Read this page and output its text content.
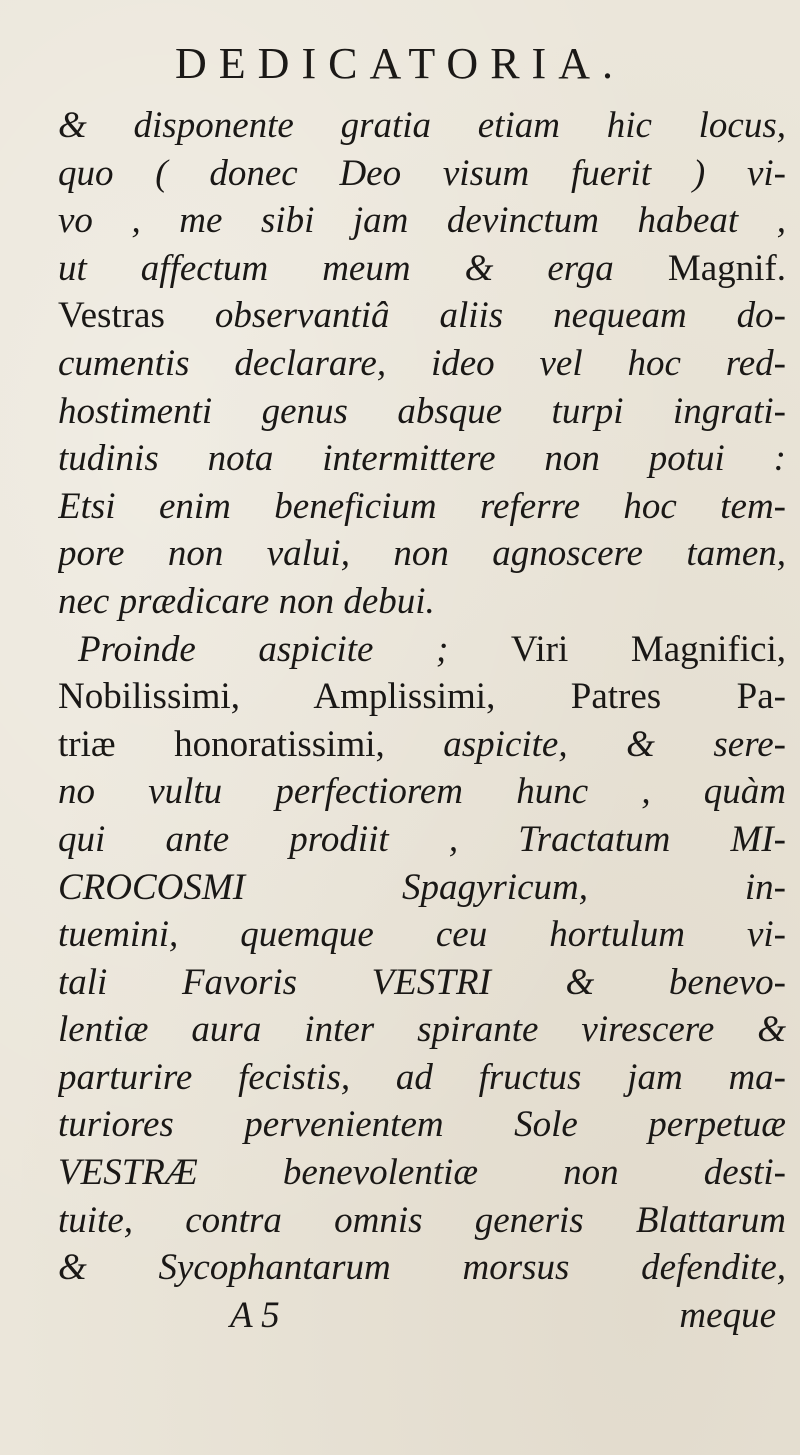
DEDICATORIA.
& disponente gratia etiam hic locus,
quo ( donec Deo visum fuerit ) vi-
vo , me sibi jam devinctum habeat ,
ut affectum meum & erga Magnif.
Vestras observantiâ aliis nequeam do-
cumentis declarare, ideo vel hoc red-
hostimenti genus absque turpi ingrati-
tudinis nota intermittere non potui :
Etsi enim beneficium referre hoc tem-
pore non valui, non agnoscere tamen,
nec prædicare non debui.
Proinde aspicite ; Viri Magnifici,
Nobilissimi, Amplissimi, Patres Pa-
triæ honoratissimi, aspicite, & sere-
no vultu perfectiorem hunc , quàm
qui ante prodiit , Tractatum MI-
CROCOSMI Spagyricum, in-
tuemini, quemque ceu hortulum vi-
tali Favoris VESTRI & benevo-
lentiæ aura inter spirante virescere &
parturire fecistis, ad fructus jam ma-
turiores pervenientem Sole perpetuæ
VESTRÆ benevolentiæ non desti-
tuite, contra omnis generis Blattarum
& Sycophantarum morsus defendite,
A 5	meque
